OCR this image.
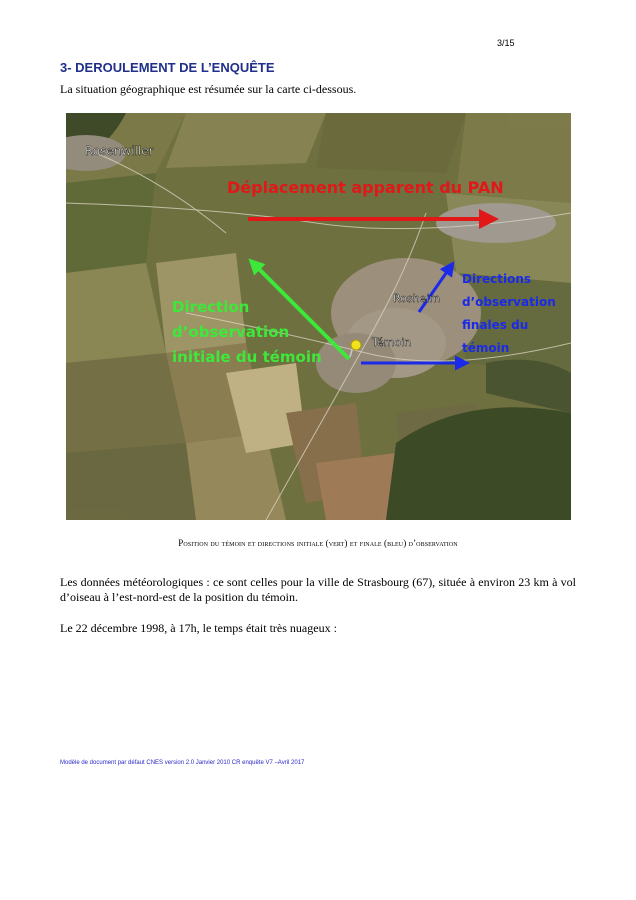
3/15
3- DEROULEMENT DE L’ENQUÊTE
La situation géographique est résumée sur la carte ci-dessous.
Rosenwiller
Rosheim
Témoin
Déplacement apparent du PAN
Direction
d’observation
initiale du témoin
Directions
d’observation
finales du
témoin
Position du témoin et directions initiale (vert) et finale (bleu) d’observation
Les données météorologiques : ce sont celles pour la ville de Strasbourg (67), située à environ 23 km à vol d’oiseau à l’est-nord-est de la position du témoin.
Le 22 décembre 1998, à 17h, le temps était très nuageux :
Modèle de document par défaut CNES version 2.0 Janvier 2010 CR enquête V7 –Avril 2017
